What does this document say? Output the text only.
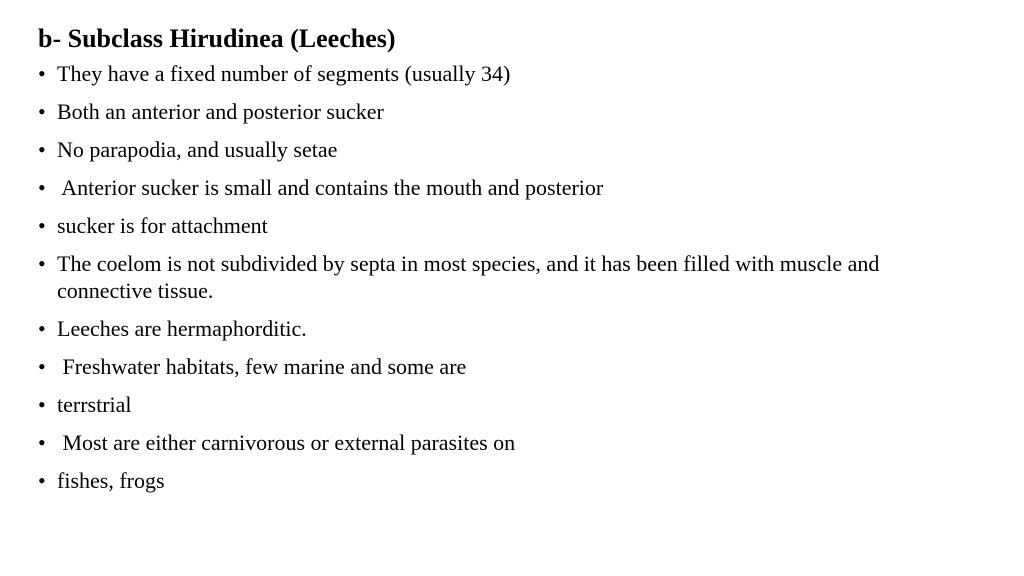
b- Subclass Hirudinea (Leeches)
• They have a fixed number of segments (usually 34)
• Both an anterior and posterior sucker
• No parapodia, and usually setae
• Anterior sucker is small and contains the mouth and posterior
• sucker is for attachment
• The coelom is not subdivided by septa in most species, and it has been filled with muscle and connective tissue.
• Leeches are hermaphorditic.
• Freshwater habitats, few marine and some are
• terrstrial
• Most are either carnivorous or external parasites on
• fishes, frogs
